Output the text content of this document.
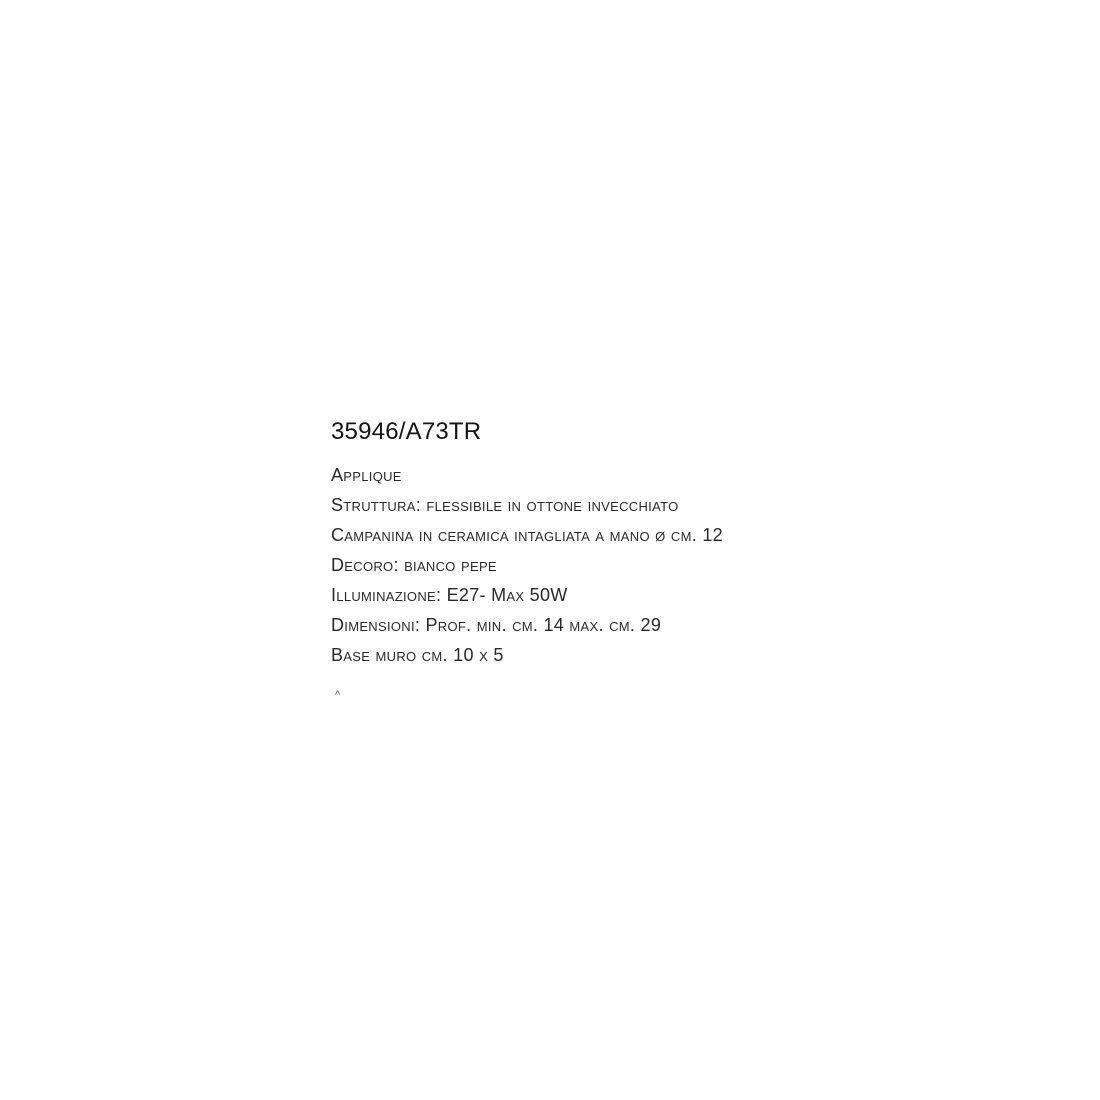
35946/A73TR
Applique
Struttura: flessibile in ottone invecchiato
Campanina in ceramica intagliata a mano ø cm. 12
Decoro: bianco pepe
Illuminazione: E27- Max 50W
Dimensioni: Prof. min. cm. 14 max. cm. 29
Base muro cm. 10 x 5
^
